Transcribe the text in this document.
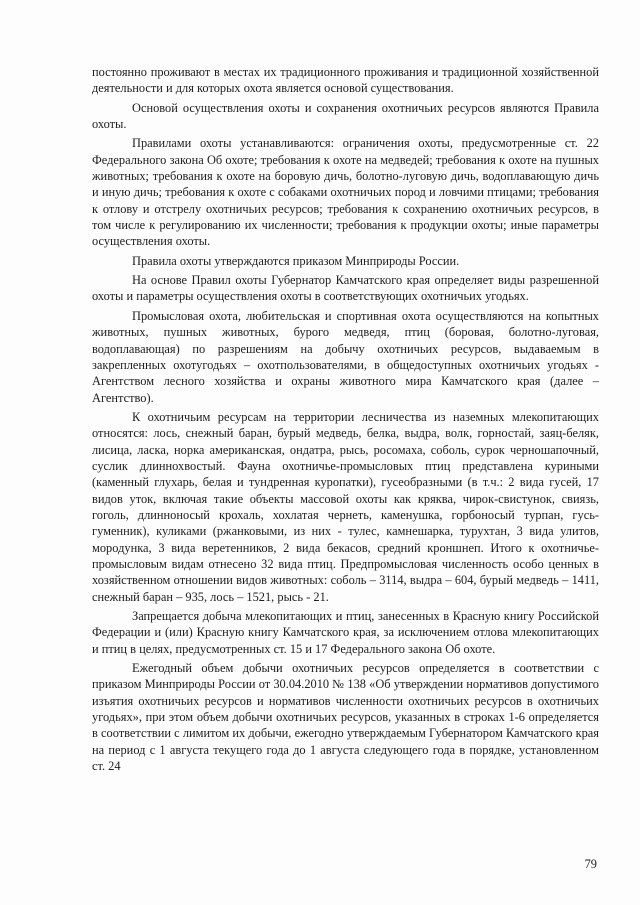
постоянно проживают в местах их традиционного проживания и традиционной хозяйственной деятельности и для которых охота является основой существования.

Основой осуществления охоты и сохранения охотничьих ресурсов являются Правила охоты.

Правилами охоты устанавливаются: ограничения охоты, предусмотренные ст. 22 Федерального закона Об охоте; требования к охоте на медведей; требования к охоте на пушных животных; требования к охоте на боровую дичь, болотно-луговую дичь, водоплавающую дичь и иную дичь; требования к охоте с собаками охотничьих пород и ловчими птицами; требования к отлову и отстрелу охотничьих ресурсов; требования к сохранению охотничьих ресурсов, в том числе к регулированию их численности; требования к продукции охоты; иные параметры осуществления охоты.

Правила охоты утверждаются приказом Минприроды России.

На основе Правил охоты Губернатор Камчатского края определяет виды разрешенной охоты и параметры осуществления охоты в соответствующих охотничьих угодьях.

Промысловая охота, любительская и спортивная охота осуществляются на копытных животных, пушных животных, бурого медведя, птиц (боровая, болотно-луговая, водоплавающая) по разрешениям на добычу охотничьих ресурсов, выдаваемым в закрепленных охотугодьях – охотпользователями, в общедоступных охотничьих угодьях - Агентством лесного хозяйства и охраны животного мира Камчатского края (далее – Агентство).

К охотничьим ресурсам на территории лесничества из наземных млекопитающих относятся: лось, снежный баран, бурый медведь, белка, выдра, волк, горностай, заяц-беляк, лисица, ласка, норка американская, ондатра, рысь, росомаха, соболь, сурок черношапочный, суслик длиннохвостый. Фауна охотничье-промысловых птиц представлена куриными (каменный глухарь, белая и тундренная куропатки), гусеобразными (в т.ч.: 2 вида гусей, 17 видов уток, включая такие объекты массовой охоты как кряква, чирок-свистунок, свиязь, гоголь, длинноносый крохаль, хохлатая чернеть, каменушка, горбоносый турпан, гусь-гуменник), куликами (ржанковыми, из них - тулес, камнешарка, турухтан, 3 вида улитов, мородунка, 3 вида веретенников, 2 вида бекасов, средний кроншнеп. Итого к охотничье-промысловым видам отнесено 32 вида птиц. Предпромысловая численность особо ценных в хозяйственном отношении видов животных: соболь – 3114, выдра – 604, бурый медведь – 1411, снежный баран – 935, лось – 1521, рысь - 21.

Запрещается добыча млекопитающих и птиц, занесенных в Красную книгу Российской Федерации и (или) Красную книгу Камчатского края, за исключением отлова млекопитающих и птиц в целях, предусмотренных ст. 15 и 17 Федерального закона Об охоте.

Ежегодный объем добычи охотничьих ресурсов определяется в соответствии с приказом Минприроды России от 30.04.2010 № 138 «Об утверждении нормативов допустимого изъятия охотничьих ресурсов и нормативов численности охотничьих ресурсов в охотничьих угодьях», при этом объем добычи охотничьих ресурсов, указанных в строках 1-6 определяется в соответствии с лимитом их добычи, ежегодно утверждаемым Губернатором Камчатского края на период с 1 августа текущего года до 1 августа следующего года в порядке, установленном ст. 24

79
